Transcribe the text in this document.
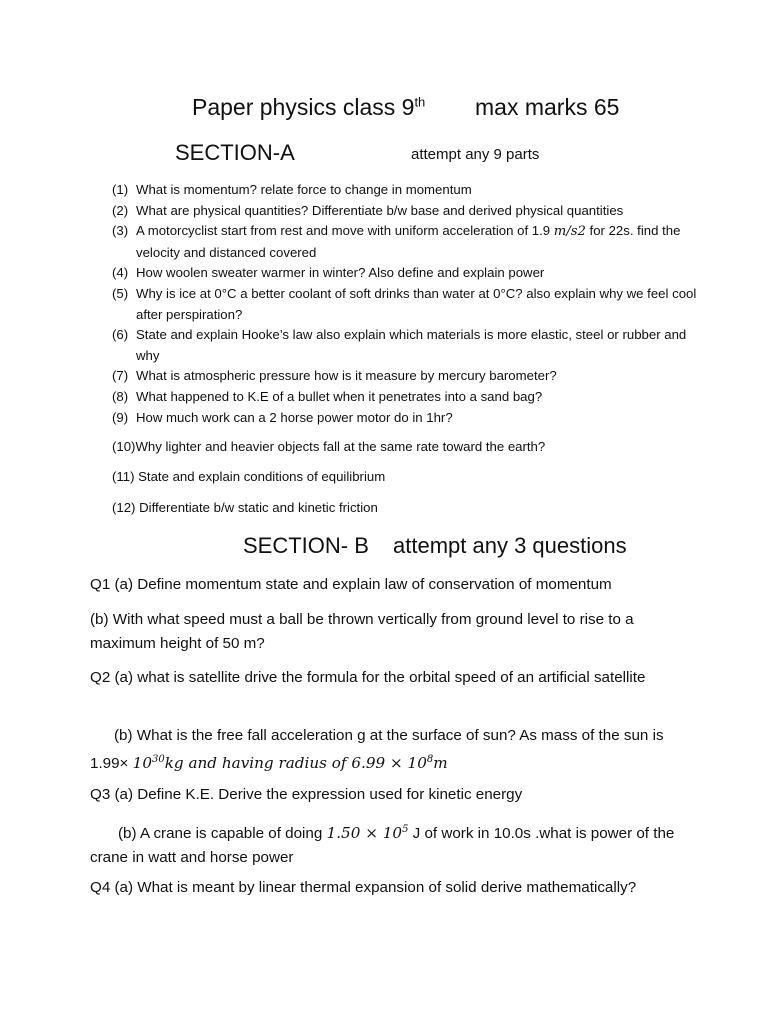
Paper physics class 9th max marks 65
SECTION-A	attempt any 9 parts
(1) What is momentum? relate force to change in momentum
(2) What are physical quantities? Differentiate b/w base and derived physical quantities
(3) A motorcyclist start from rest and move with uniform acceleration of 1.9 m/s2 for 22s. find the velocity and distanced covered
(4) How woolen sweater warmer in winter? Also define and explain power
(5) Why is ice at 0°C a better coolant of soft drinks than water at 0°C? also explain why we feel cool after perspiration?
(6) State and explain Hooke’s law also explain which materials is more elastic, steel or rubber and why
(7) What is atmospheric pressure how is it measure by mercury barometer?
(8) What happened to K.E of a bullet when it penetrates into a sand bag?
(9) How much work can a 2 horse power motor do in 1hr?
(10)Why lighter and heavier objects fall at the same rate toward the earth?
(11) State and explain conditions of equilibrium
(12) Differentiate b/w static and kinetic friction
SECTION- B attempt any 3 questions
Q1 (a) Define momentum state and explain law of conservation of momentum
(b) With what speed must a ball be thrown vertically from ground level to rise to a maximum height of 50 m?
Q2 (a) what is satellite drive the formula for the orbital speed of an artificial satellite
(b) What is the free fall acceleration g at the surface of sun? As mass of the sun is $1.99\times 10^{30}kg$ and having radius of $6.99 \times 10^8m$
Q3 (a) Define K.E. Derive the expression used for kinetic energy
(b) A crane is capable of doing $1.50 \times 10^5$ J of work in 10.0s .what is power of the crane in watt and horse power
Q4 (a) What is meant by linear thermal expansion of solid derive mathematically?
